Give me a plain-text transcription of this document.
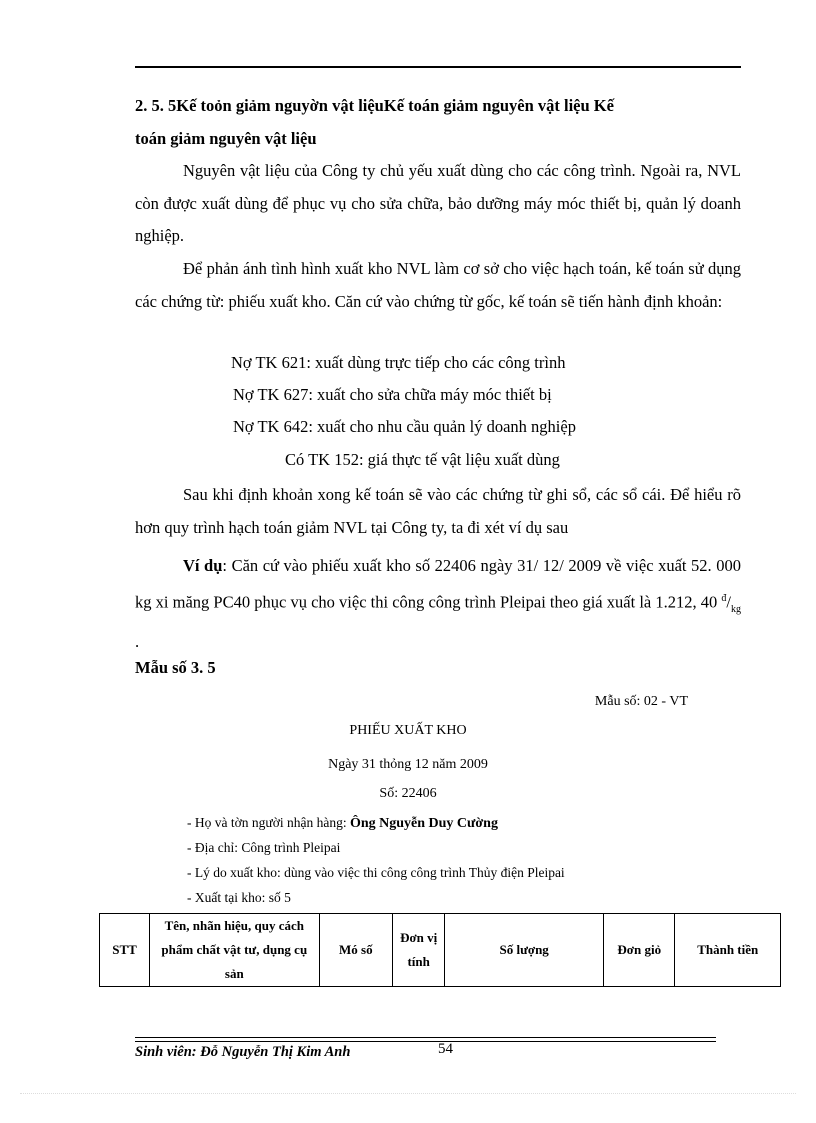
2. 5. 5Kế toỏn giảm nguyờn vật liệuKế toán giảm nguyên vật liệu Kế
toán giảm nguyên vật liệu
Nguyên vật liệu của Công ty chủ yếu xuất dùng cho các công trình. Ngoài ra, NVL còn được xuất dùng để phục vụ cho sửa chữa, bảo dưỡng máy móc thiết bị, quản lý doanh nghiệp.
Để phản ánh tình hình xuất kho NVL làm cơ sở cho việc hạch toán, kế toán sử dụng các chứng từ: phiếu xuất kho. Căn cứ vào chứng từ gốc, kế toán sẽ tiến hành định khoản:
Nợ TK 621: xuất dùng trực tiếp cho các công trình
Nợ TK 627: xuất cho sửa chữa máy móc thiết bị
Nợ TK 642: xuất cho nhu cầu quản lý doanh nghiệp
Có TK 152: giá thực tế vật liệu xuất dùng
Sau khi định khoản xong kế toán sẽ vào các chứng từ ghi sổ, các sổ cái. Để hiểu rõ hơn quy trình hạch toán giảm NVL tại Công ty, ta đi xét ví dụ sau
Ví dụ: Căn cứ vào phiếu xuất kho số 22406 ngày 31/ 12/ 2009 về việc xuất 52. 000 kg xi măng PC40 phục vụ cho việc thi công công trình Pleipai theo giá xuất là 1.212, 40 $^đ/_{kg}$ .
Mẫu số 3. 5
Mẫu số: 02 - VT
PHIẾU XUẤT KHO
Ngày 31 thỏng 12 năm 2009
Số: 22406
- Họ và tờn người nhận hàng: Ông Nguyễn Duy Cường
- Địa chỉ: Công trình Pleipai
- Lý do xuất kho: dùng vào việc thi công công trình Thủy điện Pleipai
- Xuất tại kho: số 5
STT	Tên, nhãn hiệu, quy cách phẩm chất vật tư, dụng cụ sản	Mó số	Đơn vị tính	Số lượng	Đơn giỏ	Thành tiền
Sinh viên: Đỗ Nguyễn Thị Kim Anh	54
